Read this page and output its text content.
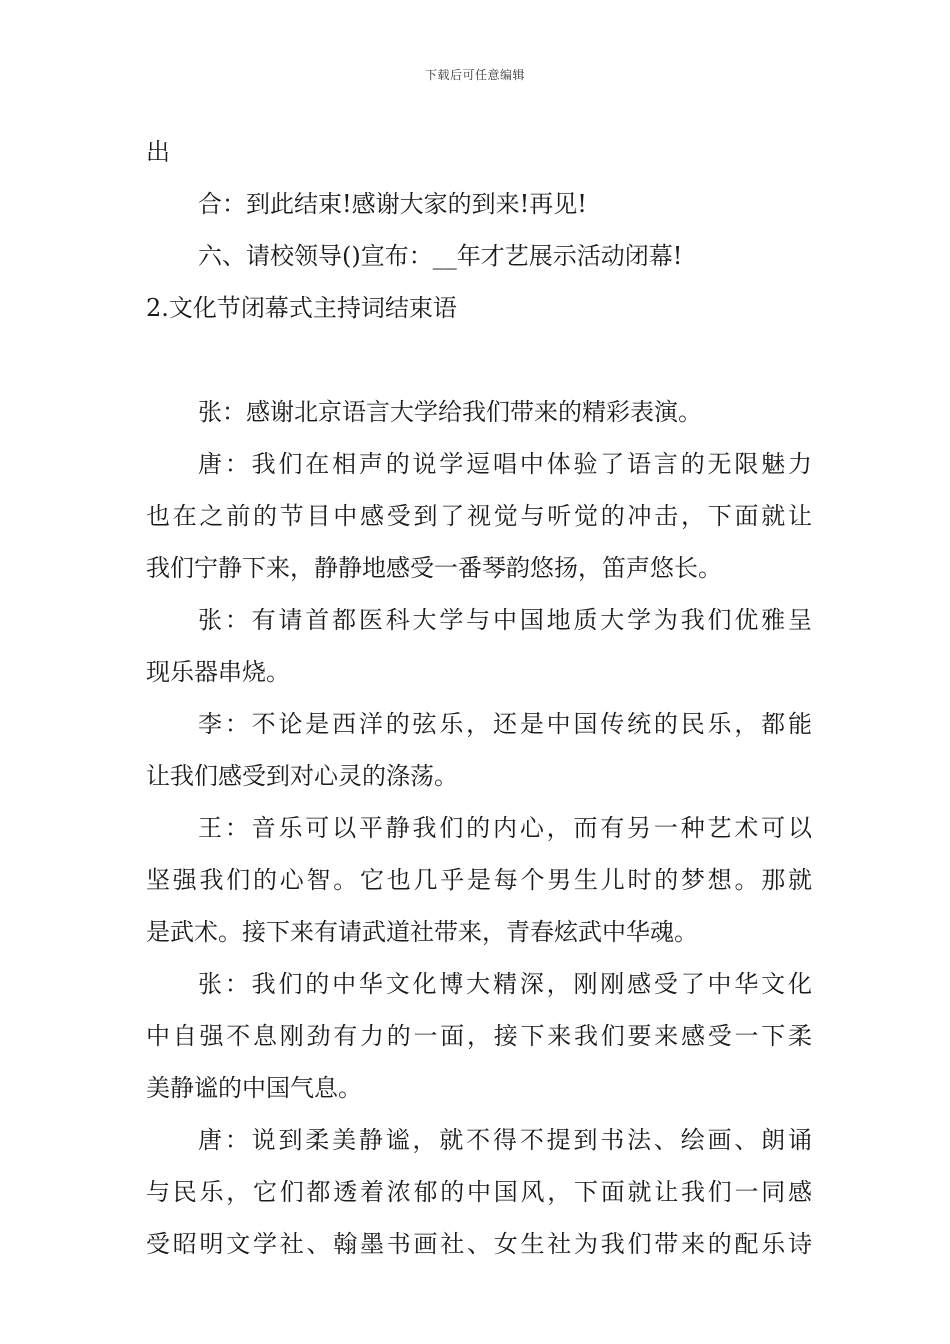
下载后可任意编辑
出
合：到此结束!感谢大家的到来!再见!
六、请校领导()宣布：__年才艺展示活动闭幕!
2.文化节闭幕式主持词结束语
张：感谢北京语言大学给我们带来的精彩表演。
唐：我们在相声的说学逗唱中体验了语言的无限魅力
也在之前的节目中感受到了视觉与听觉的冲击，下面就让
我们宁静下来，静静地感受一番琴韵悠扬，笛声悠长。
张：有请首都医科大学与中国地质大学为我们优雅呈
现乐器串烧。
李：不论是西洋的弦乐，还是中国传统的民乐，都能
让我们感受到对心灵的涤荡。
王：音乐可以平静我们的内心，而有另一种艺术可以
坚强我们的心智。它也几乎是每个男生儿时的梦想。那就
是武术。接下来有请武道社带来，青春炫武中华魂。
张：我们的中华文化博大精深，刚刚感受了中华文化
中自强不息刚劲有力的一面，接下来我们要来感受一下柔
美静谧的中国气息。
唐：说到柔美静谧，就不得不提到书法、绘画、朗诵
与民乐，它们都透着浓郁的中国风，下面就让我们一同感
受昭明文学社、翰墨书画社、女生社为我们带来的配乐诗
